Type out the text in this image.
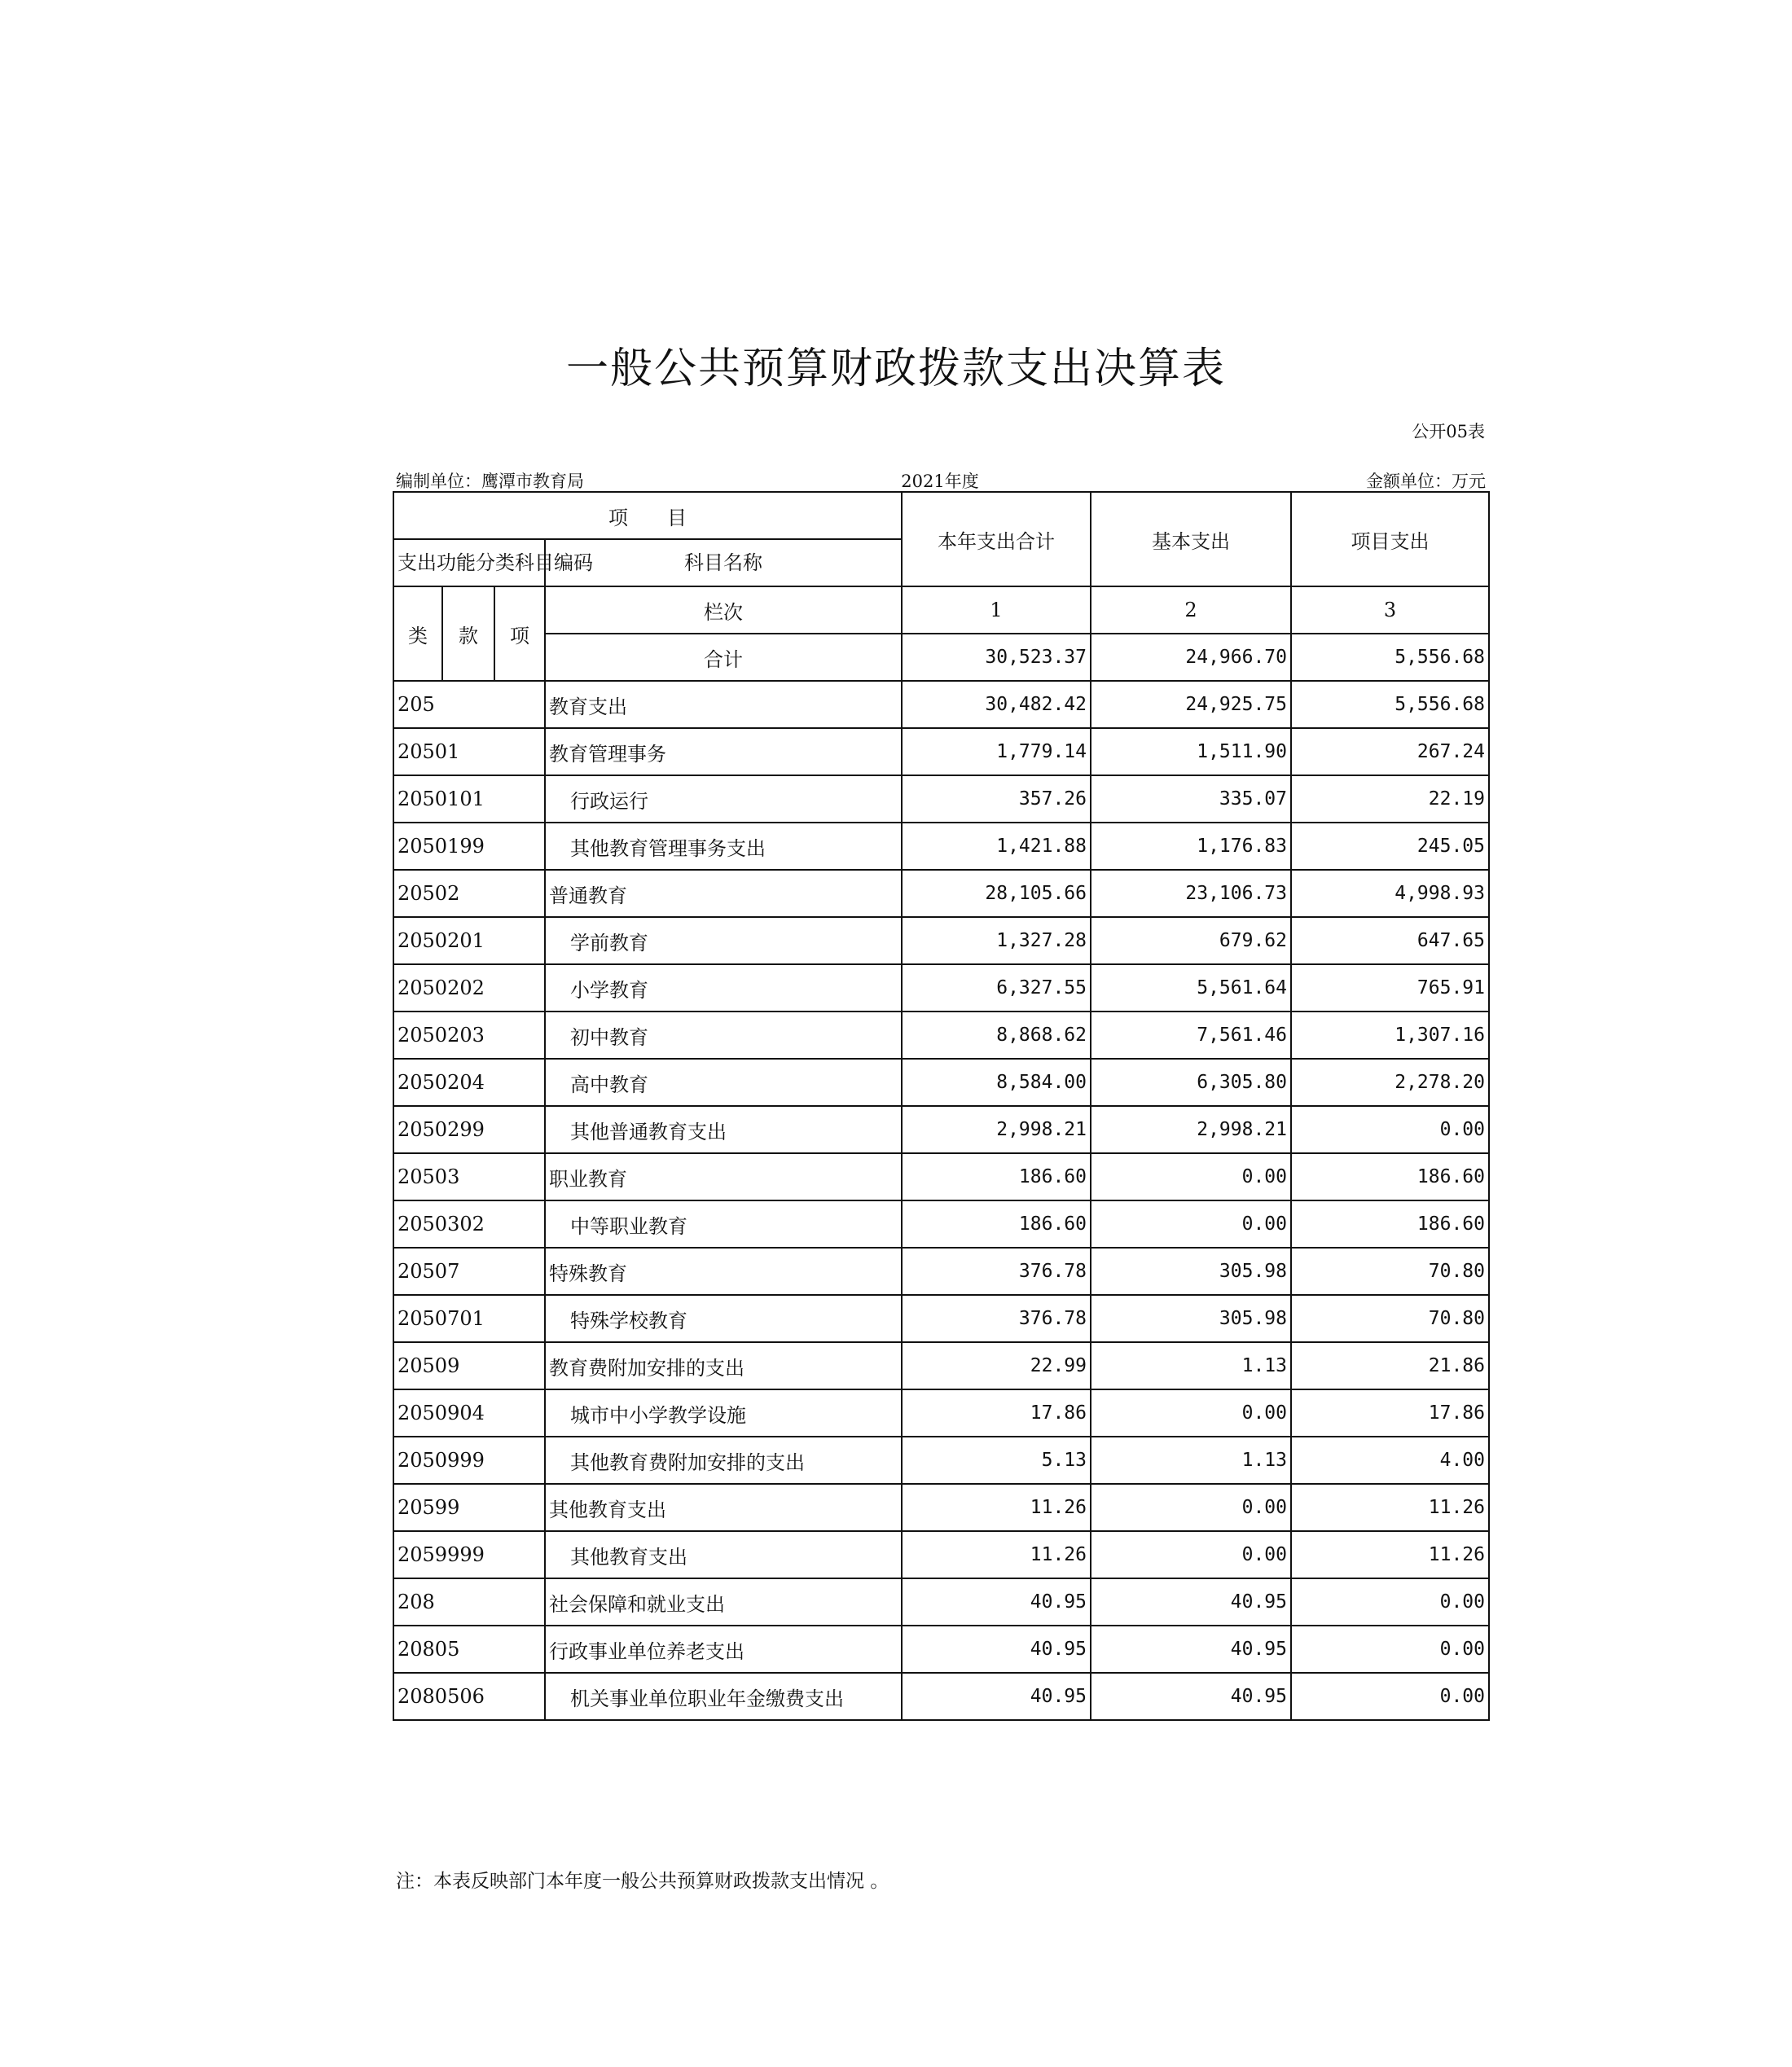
一般公共预算财政拨款支出决算表
公开05表
编制单位：鹰潭市教育局	2021年度	金额单位：万元
项　　目				本年支出合计	基本支出	项目支出
支出功能分类科目编码			科目名称			
类	款	项	栏次	1	2	3
			合计	30,523.37	24,966.70	5,556.68
205			教育支出	30,482.42	24,925.75	5,556.68
20501			教育管理事务	1,779.14	1,511.90	267.24
2050101			行政运行	357.26	335.07	22.19
2050199			其他教育管理事务支出	1,421.88	1,176.83	245.05
20502			普通教育	28,105.66	23,106.73	4,998.93
2050201			学前教育	1,327.28	679.62	647.65
2050202			小学教育	6,327.55	5,561.64	765.91
2050203			初中教育	8,868.62	7,561.46	1,307.16
2050204			高中教育	8,584.00	6,305.80	2,278.20
2050299			其他普通教育支出	2,998.21	2,998.21	0.00
20503			职业教育	186.60	0.00	186.60
2050302			中等职业教育	186.60	0.00	186.60
20507			特殊教育	376.78	305.98	70.80
2050701			特殊学校教育	376.78	305.98	70.80
20509			教育费附加安排的支出	22.99	1.13	21.86
2050904			城市中小学教学设施	17.86	0.00	17.86
2050999			其他教育费附加安排的支出	5.13	1.13	4.00
20599			其他教育支出	11.26	0.00	11.26
2059999			其他教育支出	11.26	0.00	11.26
208			社会保障和就业支出	40.95	40.95	0.00
20805			行政事业单位养老支出	40.95	40.95	0.00
2080506			机关事业单位职业年金缴费支出	40.95	40.95	0.00
注：本表反映部门本年度一般公共预算财政拨款支出情况 。
